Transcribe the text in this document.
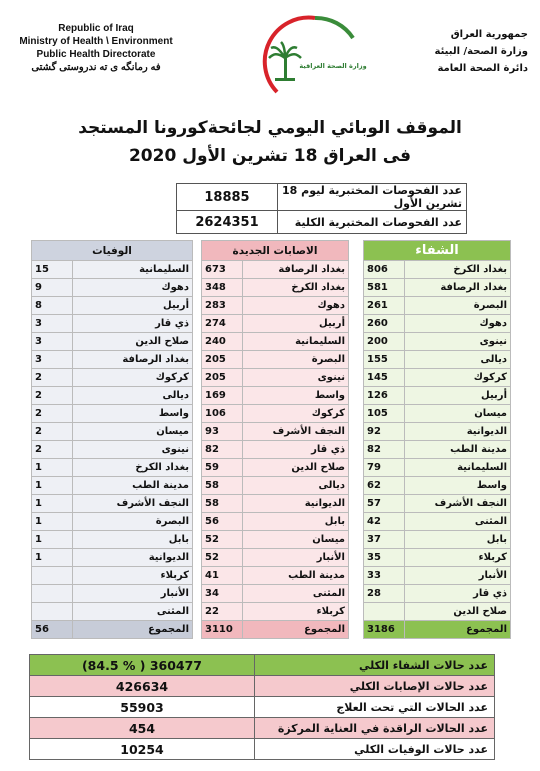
Republic of Iraq
Ministry of Health \ Environment
Public Health Directorate
فه رمانگه ی ته ندروستی گشتی	وزارة الصحة العراقية
جمهورية العراق
وزارة الصحة/ البيئة
دائرة الصحة العامة
الموقف الوبائي اليومي لجائحةكورونا المستجد
فى العراق 18 تشرين الأول 2020
18885	عدد الفحوصات المختبرية ليوم 18 تشرين الأول
2624351	عدد الفحوصات المختبرية الكلية
الوفيات	
15	السليمانية
9	دهوك
8	أربيل
3	ذي قار
3	صلاح الدين
3	بغداد الرصافة
2	كركوك
2	ديالى
2	واسط
2	ميسان
2	نينوى
1	بغداد الكرخ
1	مدينة الطب
1	النجف الأشرف
1	البصرة
1	بابل
1	الديوانية
	كربلاء
	الأنبار
	المثنى
56	المجموع
الاصابات الجديدة	
673	بغداد الرصافة
348	بغداد الكرخ
283	دهوك
274	أربيل
240	السليمانية
205	البصرة
205	نينوى
169	واسط
106	كركوك
93	النجف الأشرف
82	ذي قار
59	صلاح الدين
58	ديالى
58	الديوانية
56	بابل
52	ميسان
52	الأنبار
41	مدينة الطب
34	المثنى
22	كربلاء
3110	المجموع
الشفاء	
806	بغداد الكرخ
581	بغداد الرصافة
261	البصرة
260	دهوك
200	نينوى
155	ديالى
145	كركوك
126	أربيل
105	ميسان
92	الديوانية
82	مدينة الطب
79	السليمانية
62	واسط
57	النجف الأشرف
42	المثنى
37	بابل
35	كربلاء
33	الأنبار
28	ذي قار
	صلاح الدين
3186	المجموع
(84.5 % ) 360477	عدد حالات الشفاء الكلي
426634	عدد حالات الإصابات الكلي
55903	عدد الحالات التي تحت العلاج
454	عدد الحالات الراقدة في العناية المركزة
10254	عدد حالات الوفيات الكلي
